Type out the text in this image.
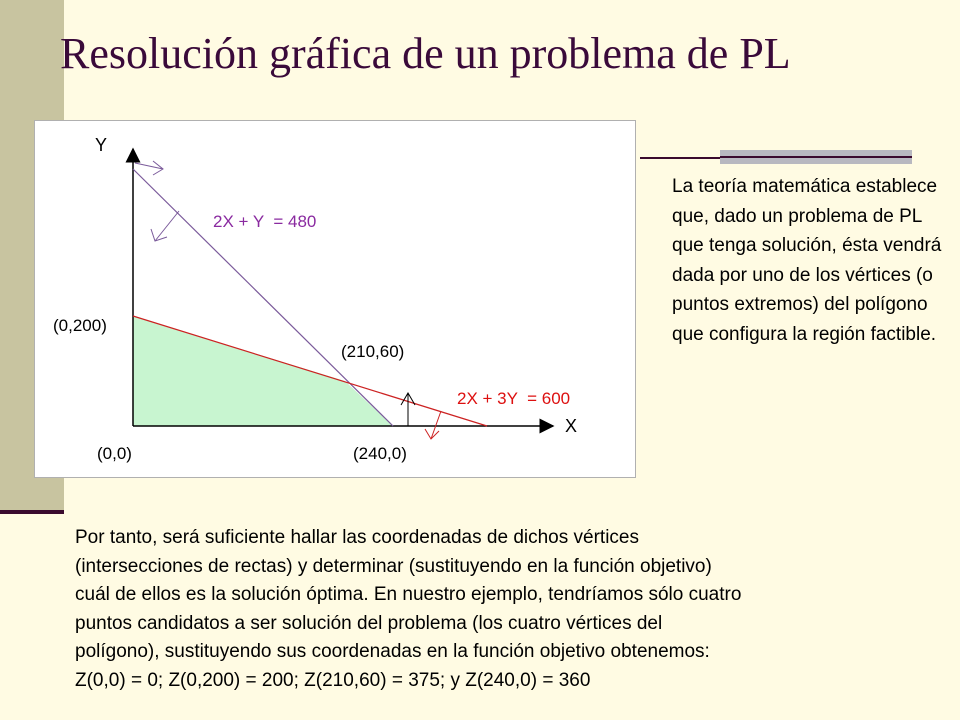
Resolución gráfica de un problema de PL
Y
X
2X + Y  = 480
2X + 3Y  = 600
(0,200)
(210,60)
(0,0)	(240,0)
La teoría matemática establece que, dado un problema de PL que tenga solución, ésta vendrá dada por uno de los vértices (o puntos extremos) del polígono que configura la región factible.

Por tanto, será suficiente hallar las coordenadas de dichos vértices

(intersecciones de rectas) y determinar (sustituyendo en la función objetivo)

cuál de ellos es la solución óptima. En nuestro ejemplo, tendríamos sólo cuatro

puntos candidatos a ser solución del problema (los cuatro vértices del

polígono), sustituyendo sus coordenadas en la función objetivo obtenemos:

Z(0,0) = 0; Z(0,200) = 200; Z(210,60) = 375; y Z(240,0) = 360
